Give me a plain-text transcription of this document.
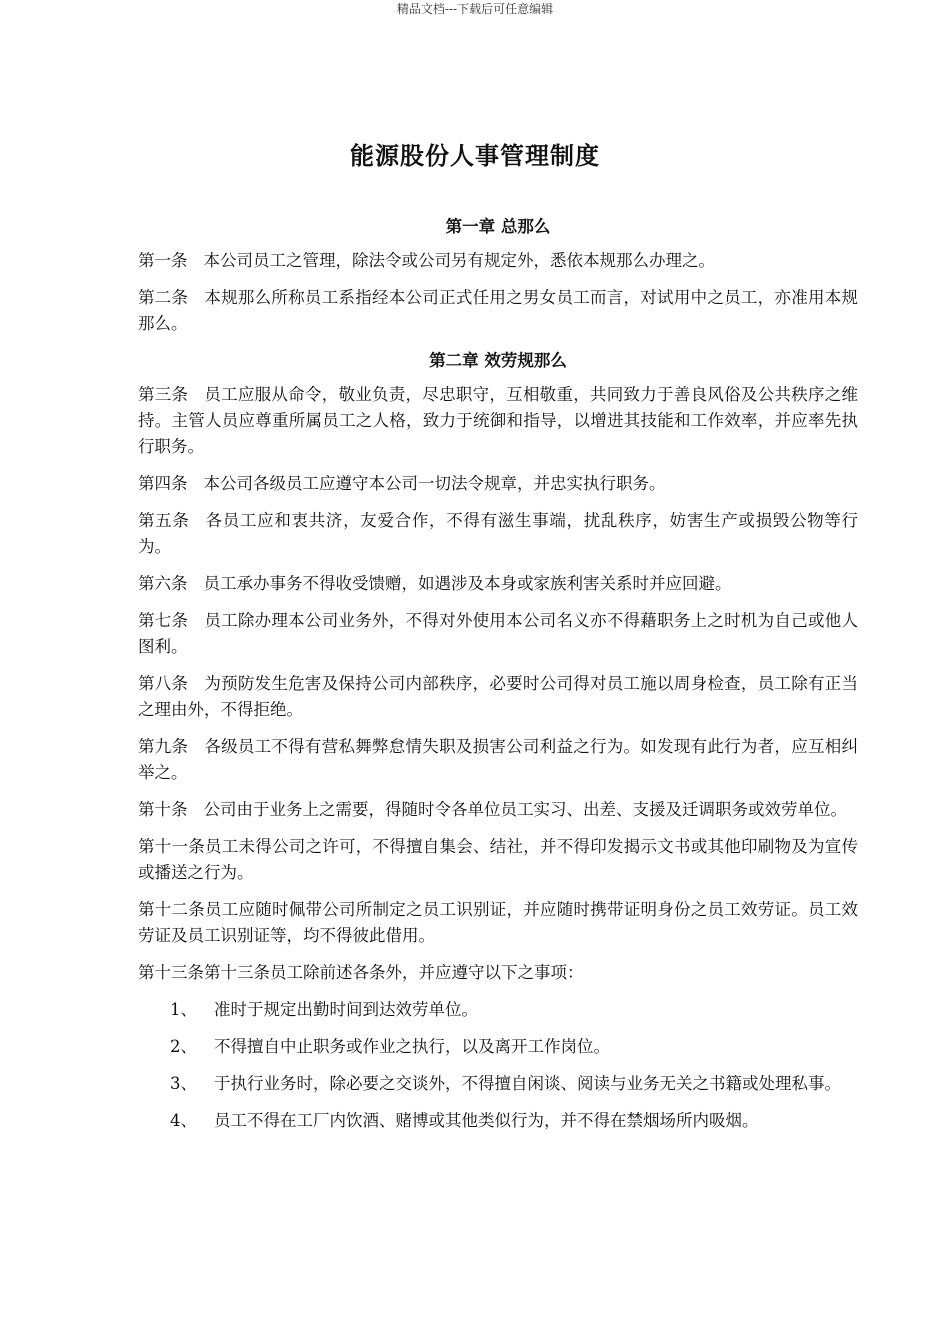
精品文档---下载后可任意编辑
能源股份人事管理制度
第一章 总那么

第一条 本公司员工之管理，除法令或公司另有规定外，悉依本规那么办理之。

第二条 本规那么所称员工系指经本公司正式任用之男女员工而言，对试用中之员工，亦准用本规那么。

第二章 效劳规那么

第三条 员工应服从命令，敬业负责，尽忠职守，互相敬重，共同致力于善良风俗及公共秩序之维持。主管人员应尊重所属员工之人格，致力于统御和指导，以增进其技能和工作效率，并应率先执行职务。

第四条 本公司各级员工应遵守本公司一切法令规章，并忠实执行职务。

第五条 各员工应和衷共济，友爱合作，不得有滋生事端，扰乱秩序，妨害生产或损毁公物等行为。

第六条 员工承办事务不得收受馈赠，如遇涉及本身或家族利害关系时并应回避。

第七条 员工除办理本公司业务外，不得对外使用本公司名义亦不得藉职务上之时机为自己或他人图利。

第八条 为预防发生危害及保持公司内部秩序，必要时公司得对员工施以周身检查，员工除有正当之理由外，不得拒绝。

第九条 各级员工不得有营私舞弊怠情失职及损害公司利益之行为。如发现有此行为者，应互相纠举之。

第十条 公司由于业务上之需要，得随时令各单位员工实习、出差、支援及迁调职务或效劳单位。

第十一条员工未得公司之许可，不得擅自集会、结社，并不得印发揭示文书或其他印刷物及为宣传或播送之行为。

第十二条员工应随时佩带公司所制定之员工识别证，并应随时携带证明身份之员工效劳证。员工效劳证及员工识别证等，均不得彼此借用。

第十三条第十三条员工除前述各条外，并应遵守以下之事项：

1、	准时于规定出勤时间到达效劳单位。
2、	不得擅自中止职务或作业之执行，以及离开工作岗位。
3、	于执行业务时，除必要之交谈外，不得擅自闲谈、阅读与业务无关之书籍或处理私事。
4、	员工不得在工厂内饮酒、赌博或其他类似行为，并不得在禁烟场所内吸烟。
